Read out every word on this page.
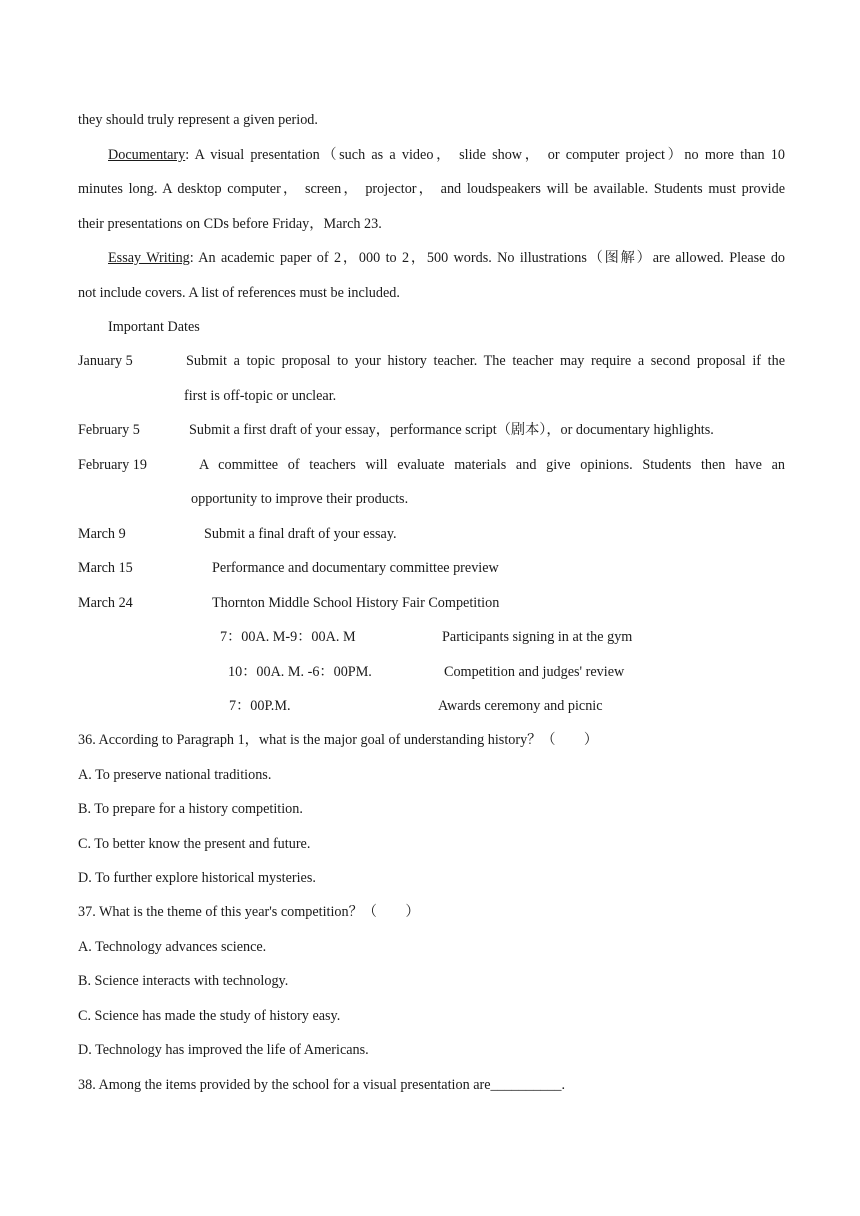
they should truly represent a given period.
Documentary: A visual presentation（such as a video， slide show， or computer project）no more than 10
minutes long. A desktop computer， screen， projector， and loudspeakers will be available. Students must provide
their presentations on CDs before Friday，March 23.
Essay Writing: An academic paper of 2，000 to 2，500 words. No illustrations（图解）are allowed. Please do
not include covers. A list of references must be included.
Important Dates
January 5	Submit a topic proposal to your history teacher. The teacher may require a second proposal if the
first is off-topic or unclear.
February 5	Submit a first draft of your essay，performance script（剧本），or documentary highlights.
February 19	A committee of teachers will evaluate materials and give opinions. Students then have an
opportunity to improve their products.
March 9	Submit a final draft of your essay.
March 15	Performance and documentary committee preview
March 24	Thornton Middle School History Fair Competition
7：00A. M-9：00A. M	Participants signing in at the gym
10：00A. M. -6：00PM.	Competition and judges' review
7：00P.M.	Awards ceremony and picnic
36. According to Paragraph 1，what is the major goal of understanding history？（　　）
A. To preserve national traditions.
B. To prepare for a history competition.
C. To better know the present and future.
D. To further explore historical mysteries.
37. What is the theme of this year's competition？（　　）
A. Technology advances science.
B. Science interacts with technology.
C. Science has made the study of history easy.
D. Technology has improved the life of Americans.
38. Among the items provided by the school for a visual presentation are__________.
